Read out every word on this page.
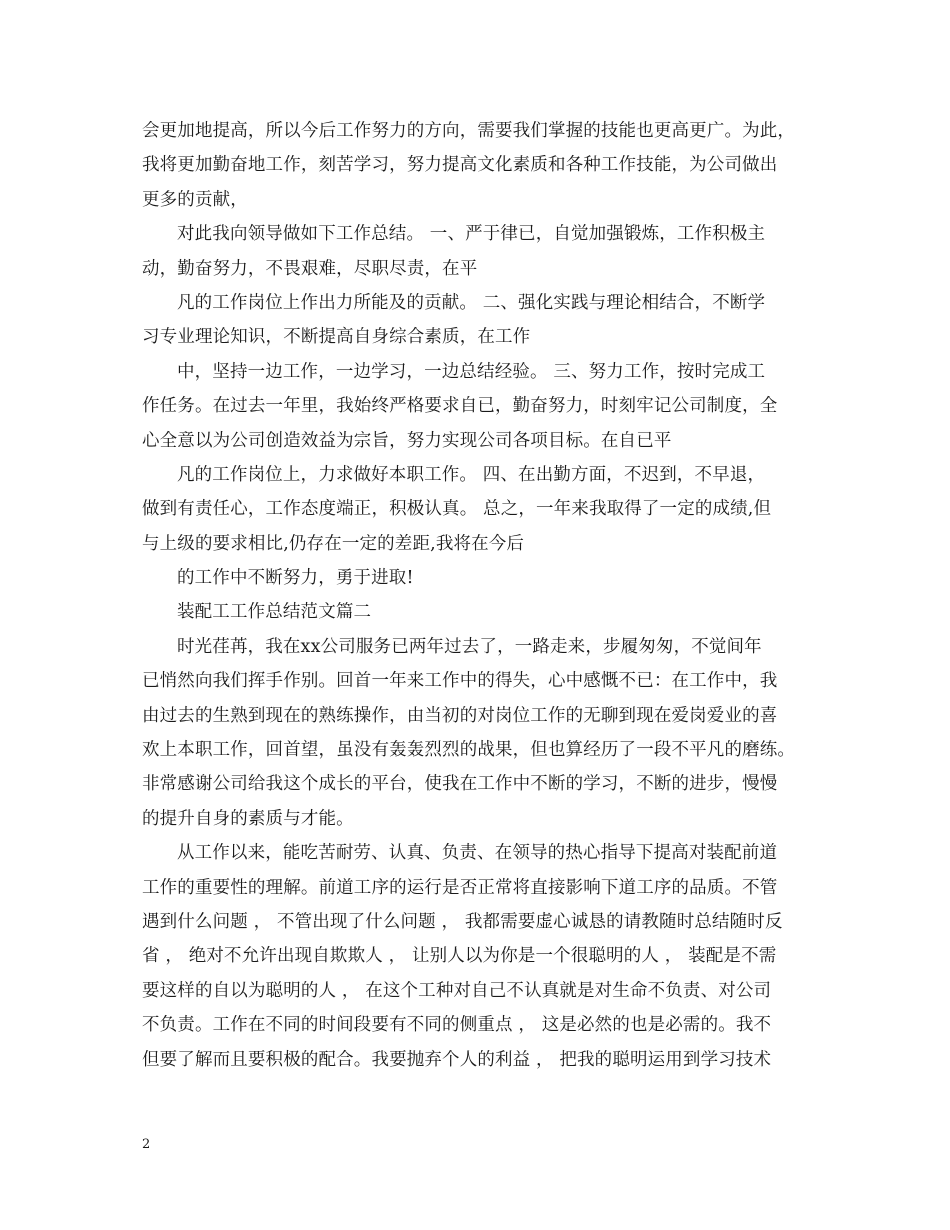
会更加地提高，所以今后工作努力的方向，需要我们掌握的技能也更高更广。为此，
我将更加勤奋地工作，刻苦学习，努力提高文化素质和各种工作技能，为公司做出
更多的贡献，
对此我向领导做如下工作总结。 一、严于律已，自觉加强锻炼，工作积极主
动，勤奋努力，不畏艰难，尽职尽责，在平
凡的工作岗位上作出力所能及的贡献。 二、强化实践与理论相结合，不断学
习专业理论知识，不断提高自身综合素质，在工作
中，坚持一边工作，一边学习，一边总结经验。 三、努力工作，按时完成工
作任务。在过去一年里，我始终严格要求自已，勤奋努力，时刻牢记公司制度，全
心全意以为公司创造效益为宗旨，努力实现公司各项目标。在自已平
凡的工作岗位上，力求做好本职工作。 四、在出勤方面，不迟到，不早退，
做到有责任心，工作态度端正，积极认真。 总之，一年来我取得了一定的成绩,但
与上级的要求相比,仍存在一定的差距,我将在今后
的工作中不断努力，勇于进取!
装配工工作总结范文篇二
时光荏苒，我在xx公司服务已两年过去了，一路走来，步履匆匆，不觉间年
已悄然向我们挥手作别。回首一年来工作中的得失，心中感慨不已：在工作中，我
由过去的生熟到现在的熟练操作，由当初的对岗位工作的无聊到现在爱岗爱业的喜
欢上本职工作，回首望，虽没有轰轰烈烈的战果，但也算经历了一段不平凡的磨练。
非常感谢公司给我这个成长的平台，使我在工作中不断的学习，不断的进步，慢慢
的提升自身的素质与才能。
从工作以来，能吃苦耐劳、认真、负责、在领导的热心指导下提高对装配前道
工作的重要性的理解。前道工序的运行是否正常将直接影响下道工序的品质。不管
遇到什么问题 ， 不管出现了什么问题 ， 我都需要虚心诚恳的请教随时总结随时反
省 ， 绝对不允许出现自欺欺人 ， 让别人以为你是一个很聪明的人 ， 装配是不需
要这样的自以为聪明的人 ， 在这个工种对自己不认真就是对生命不负责、对公司
不负责。工作在不同的时间段要有不同的侧重点 ， 这是必然的也是必需的。我不
但要了解而且要积极的配合。我要抛弃个人的利益 ， 把我的聪明运用到学习技术
2
